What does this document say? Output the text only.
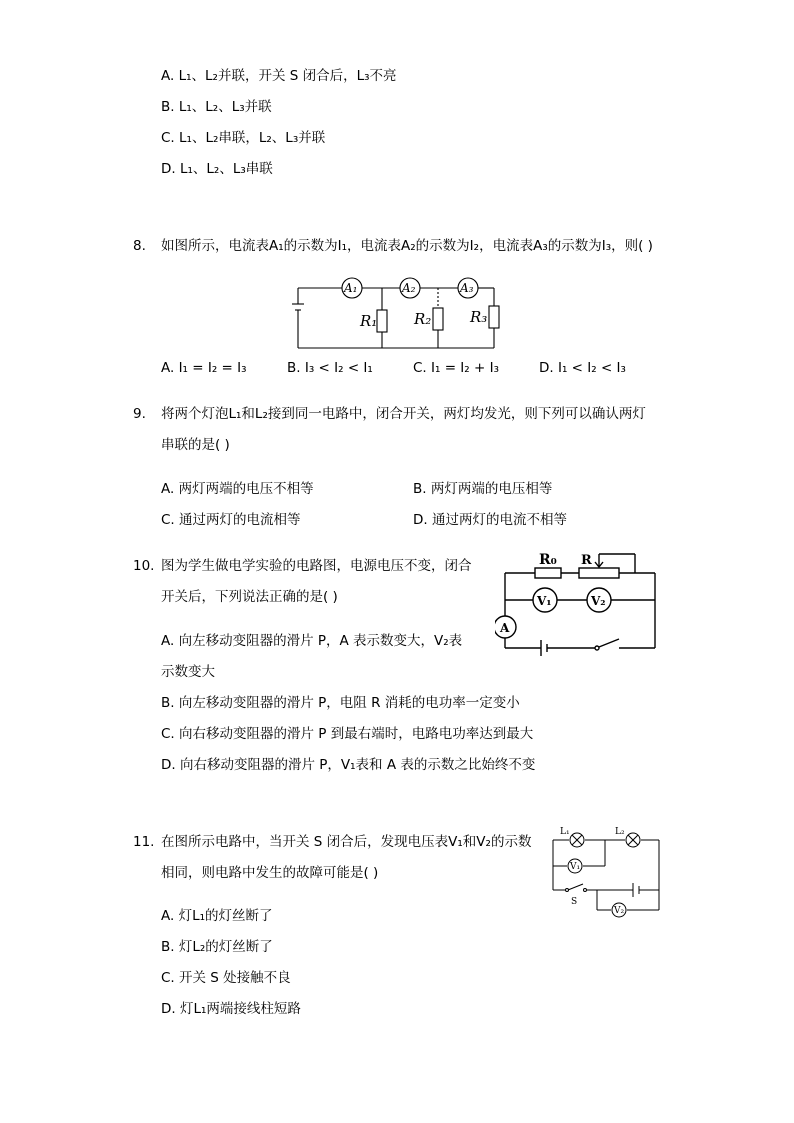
A. L₁、L₂并联，开关 S 闭合后，L₃不亮
B. L₁、L₂、L₃并联
C. L₁、L₂串联，L₂、L₃并联
D. L₁、L₂、L₃串联
8. 如图所示，电流表A₁的示数为I₁，电流表A₂的示数为I₂，电流表A₃的示数为I₃，则( )
A₁	A₂	A₃
R₁ R₂	R₃
A. I₁ = I₂ = I₃	B. I₃ < I₂ < I₁	C. I₁ = I₂ + I₃	D. I₁ < I₂ < I₃
9. 将两个灯泡L₁和L₂接到同一电路中，闭合开关，两灯均发光，则下列可以确认两灯
串联的是( )
A. 两灯两端的电压不相等	B. 两灯两端的电压相等
C. 通过两灯的电流相等	D. 通过两灯的电流不相等
10. 图为学生做电学实验的电路图，电源电压不变，闭合
开关后，下列说法正确的是( )
R₀ R
V₁	V₂
A
A. 向左移动变阻器的滑片 P，A 表示数变大，V₂表
示数变大
B. 向左移动变阻器的滑片 P，电阻 R 消耗的电功率一定变小
C. 向右移动变阻器的滑片 P 到最右端时，电路电功率达到最大
D. 向右移动变阻器的滑片 P，V₁表和 A 表的示数之比始终不变
11. 在图所示电路中，当开关 S 闭合后，发现电压表V₁和V₂的示数
相同，则电路中发生的故障可能是( )
L₁	L₂
V₁
V₂
S
A. 灯L₁的灯丝断了
B. 灯L₂的灯丝断了
C. 开关 S 处接触不良
D. 灯L₁两端接线柱短路
